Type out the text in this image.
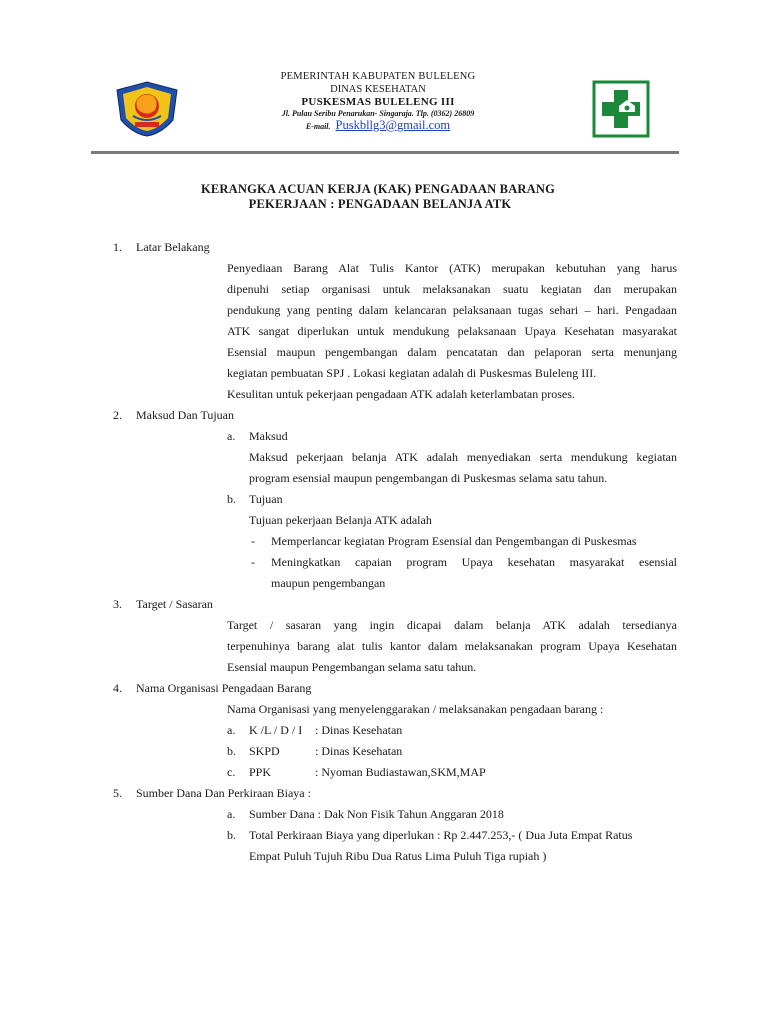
PEMERINTAH KABUPATEN BULELENG
DINAS KESEHATAN
PUSKESMAS BULELENG III
Jl. Pulau Seribu Penarukan- Singaraja. Tlp. (0362) 26809
E-mail. Puskbllg3@gmail.com
KERANGKA ACUAN KERJA (KAK) PENGADAAN BARANG
PEKERJAAN : PENGADAAN BELANJA ATK
1. Latar Belakang
Penyediaan Barang Alat Tulis Kantor (ATK) merupakan kebutuhan yang harus
dipenuhi setiap organisasi untuk melaksanakan suatu kegiatan dan merupakan
pendukung yang penting dalam kelancaran pelaksanaan tugas sehari – hari. Pengadaan
ATK sangat diperlukan untuk mendukung pelaksanaan Upaya Kesehatan masyarakat
Esensial maupun pengembangan dalam pencatatan dan pelaporan serta menunjang
kegiatan pembuatan SPJ . Lokasi kegiatan adalah di Puskesmas Buleleng III.
Kesulitan untuk pekerjaan pengadaan ATK adalah keterlambatan proses.
2. Maksud Dan Tujuan
a. Maksud
Maksud pekerjaan belanja ATK adalah menyediakan serta mendukung kegiatan
program esensial maupun pengembangan di Puskesmas selama satu tahun.
b. Tujuan
Tujuan pekerjaan Belanja ATK adalah
- Memperlancar kegiatan Program Esensial dan Pengembangan di Puskesmas
- Meningkatkan capaian program Upaya kesehatan masyarakat esensial
maupun pengembangan
3. Target / Sasaran
Target / sasaran yang ingin dicapai dalam belanja ATK adalah tersedianya
terpenuhinya barang alat tulis kantor dalam melaksanakan program Upaya Kesehatan
Esensial maupun Pengembangan selama satu tahun.
4. Nama Organisasi Pengadaan Barang
Nama Organisasi yang menyelenggarakan / melaksanakan pengadaan barang :
a. K /L / D / I : Dinas Kesehatan
b. SKPD	: Dinas Kesehatan
c. PPK	: Nyoman Budiastawan,SKM,MAP
5. Sumber Dana Dan Perkiraan Biaya :
a. Sumber Dana : Dak Non Fisik Tahun Anggaran 2018
b. Total Perkiraan Biaya yang diperlukan : Rp 2.447.253,- ( Dua Juta Empat Ratus
Empat Puluh Tujuh Ribu Dua Ratus Lima Puluh Tiga rupiah )
